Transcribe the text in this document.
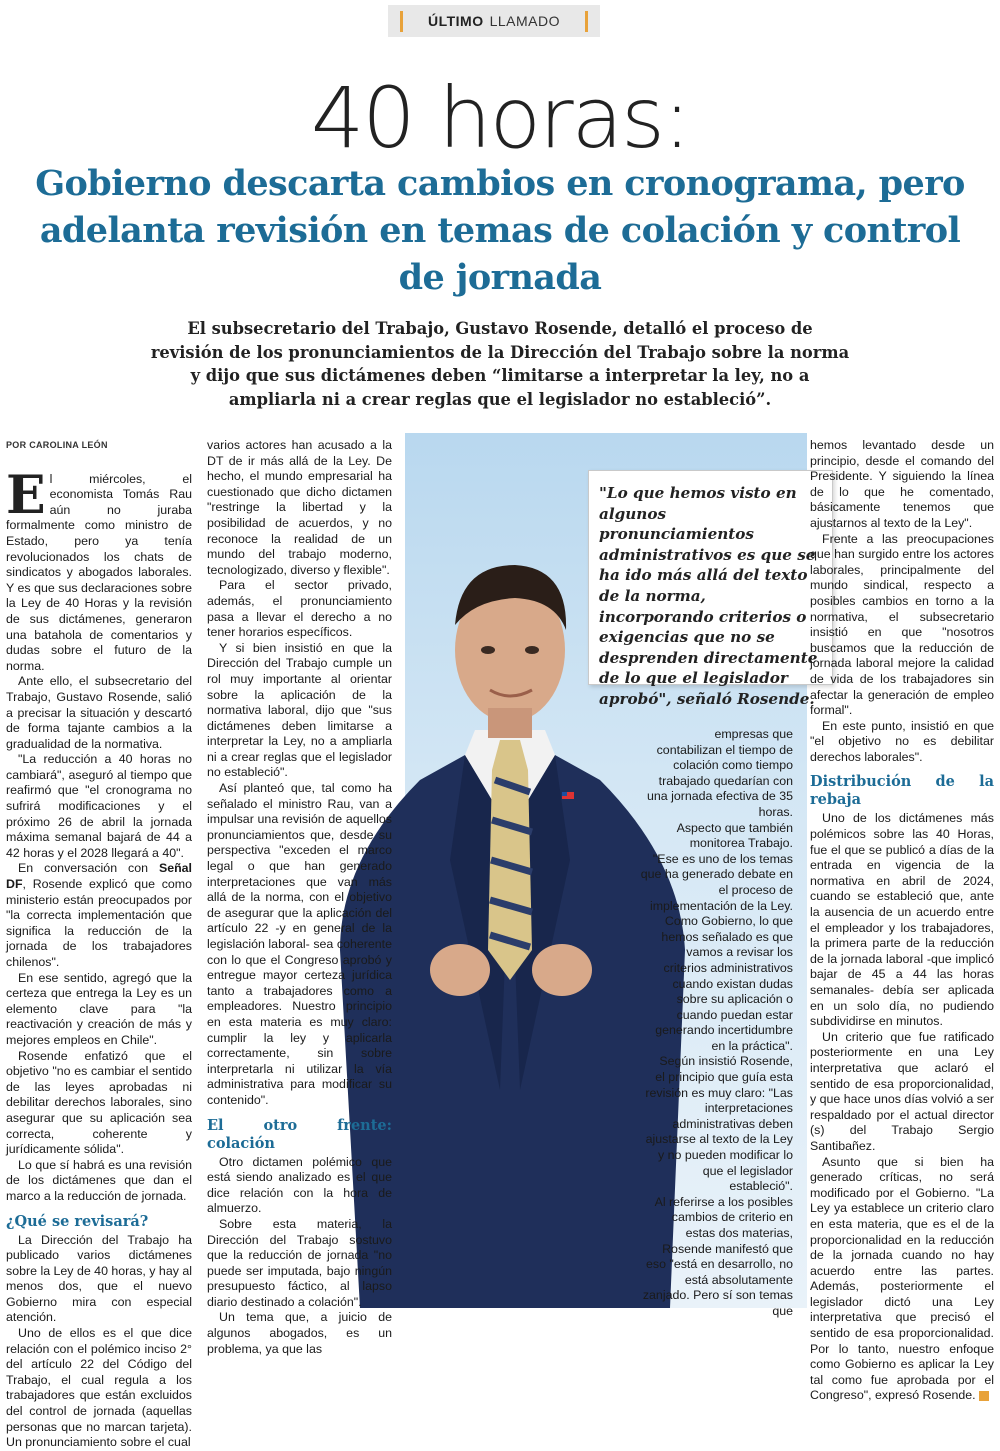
ÚLTIMO LLAMADO
40 horas:
Gobierno descarta cambios en cronograma, pero adelanta revisión en temas de colación y control de jornada
El subsecretario del Trabajo, Gustavo Rosende, detalló el proceso de revisión de los pronunciamientos de la Dirección del Trabajo sobre la norma y dijo que sus dictámenes deben “limitarse a interpretar la ley, no a ampliarla ni a crear reglas que el legislador no estableció”.
"Lo que hemos visto en algunos pronunciamientos administrativos es que se ha ido más allá del texto de la norma, incorporando criterios o exigencias que no se desprenden directamente de lo que el legislador aprobó", señaló Rosende.
POR CAROLINA LEÓN

El miércoles, el economista Tomás Rau aún no juraba formalmente como ministro de Estado, pero ya tenía revolucionados los chats de sindicatos y abogados laborales. Y es que sus declaraciones sobre la Ley de 40 Horas y la revisión de sus dictámenes, generaron una batahola de comentarios y dudas sobre el futuro de la norma.

Ante ello, el subsecretario del Trabajo, Gustavo Rosende, salió a precisar la situación y descartó de forma tajante cambios a la gradualidad de la normativa.

"La reducción a 40 horas no cambiará", aseguró al tiempo que reafirmó que "el cronograma no sufrirá modificaciones y el próximo 26 de abril la jornada máxima semanal bajará de 44 a 42 horas y el 2028 llegará a 40".

En conversación con Señal DF, Rosende explicó que como ministerio están preocupados por "la correcta implementación que significa la reducción de la jornada de los trabajadores chilenos".

En ese sentido, agregó que la certeza que entrega la Ley es un elemento clave para "la reactivación y creación de más y mejores empleos en Chile".

Rosende enfatizó que el objetivo "no es cambiar el sentido de las leyes aprobadas ni debilitar derechos laborales, sino asegurar que su aplicación sea correcta, coherente y jurídicamente sólida".

Lo que sí habrá es una revisión de los dictámenes que dan el marco a la reducción de jornada.

¿Qué se revisará?

La Dirección del Trabajo ha publicado varios dictámenes sobre la Ley de 40 horas, y hay al menos dos, que el nuevo Gobierno mira con especial atención.

Uno de ellos es el que dice relación con el polémico inciso 2° del artículo 22 del Código del Trabajo, el cual regula a los trabajadores que están excluidos del control de jornada (aquellas personas que no marcan tarjeta). Un pronunciamiento sobre el cual

varios actores han acusado a la DT de ir más allá de la Ley. De hecho, el mundo empresarial ha cuestionado que dicho dictamen "restringe la libertad y la posibilidad de acuerdos, y no reconoce la realidad de un mundo del trabajo moderno, tecnologizado, diverso y flexible".

Para el sector privado, además, el pronunciamiento pasa a llevar el derecho a no tener horarios específicos.

Y si bien insistió en que la Dirección del Trabajo cumple un rol muy importante al orientar sobre la aplicación de la normativa laboral, dijo que "sus dictámenes deben limitarse a interpretar la Ley, no a ampliarla ni a crear reglas que el legislador no estableció".

Así planteó que, tal como ha señalado el ministro Rau, van a impulsar una revisión de aquellos pronunciamientos que, desde su perspectiva "exceden el marco legal o que han generado interpretaciones que van más allá de la norma, con el objetivo de asegurar que la aplicación del artículo 22 -y en general de la legislación laboral- sea coherente con lo que el Congreso aprobó y entregue mayor certeza jurídica tanto a trabajadores como a empleadores. Nuestro principio en esta materia es muy claro: cumplir la ley y aplicarla correctamente, sin sobre interpretarla ni utilizar la vía administrativa para modificar su contenido".

El otro frente: colación

Otro dictamen polémico que está siendo analizado es el que dice relación con la hora de almuerzo.

Sobre esta materia, la Dirección del Trabajo sostuvo que la reducción de jornada "no puede ser imputada, bajo ningún presupuesto fáctico, al lapso diario destinado a colación".

Un tema que, a juicio de algunos abogados, es un problema, ya que las

empresas que contabilizan el tiempo de colación como tiempo trabajado quedarían con una jornada efectiva de 35 horas.

Aspecto que también monitorea Trabajo.

"Ese es uno de los temas que ha generado debate en el proceso de implementación de la Ley. Como Gobierno, lo que hemos señalado es que vamos a revisar los criterios administrativos cuando existan dudas sobre su aplicación o cuando puedan estar generando incertidumbre en la práctica".

Según insistió Rosende, el principio que guía esta revisión es muy claro: "Las interpretaciones administrativas deben ajustarse al texto de la Ley y no pueden modificar lo que el legislador estableció".

Al referirse a los posibles cambios de criterio en estas dos materias, Rosende manifestó que eso "está en desarrollo, no está absolutamente zanjado. Pero sí son temas que

hemos levantado desde un principio, desde el comando del Presidente. Y siguiendo la línea de lo que he comentado, básicamente tenemos que ajustarnos al texto de la Ley".

Frente a las preocupaciones que han surgido entre los actores laborales, principalmente del mundo sindical, respecto a posibles cambios en torno a la normativa, el subsecretario insistió en que "nosotros buscamos que la reducción de jornada laboral mejore la calidad de vida de los trabajadores sin afectar la generación de empleo formal".

En este punto, insistió en que "el objetivo no es debilitar derechos laborales".

Distribución de la rebaja

Uno de los dictámenes más polémicos sobre las 40 Horas, fue el que se publicó a días de la entrada en vigencia de la normativa en abril de 2024, cuando se estableció que, ante la ausencia de un acuerdo entre el empleador y los trabajadores, la primera parte de la reducción de la jornada laboral -que implicó bajar de 45 a 44 las horas semanales- debía ser aplicada en un solo día, no pudiendo subdividirse en minutos.

Un criterio que fue ratificado posteriormente en una Ley interpretativa que aclaró el sentido de esa proporcionalidad, y que hace unos días volvió a ser respaldado por el actual director (s) del Trabajo Sergio Santibañez.

Asunto que si bien ha generado críticas, no será modificado por el Gobierno. "La Ley ya establece un criterio claro en esta materia, que es el de la proporcionalidad en la reducción de la jornada cuando no hay acuerdo entre las partes. Además, posteriormente el legislador dictó una Ley interpretativa que precisó el sentido de esa proporcionalidad. Por lo tanto, nuestro enfoque como Gobierno es aplicar la Ley tal como fue aprobada por el Congreso", expresó Rosende.
